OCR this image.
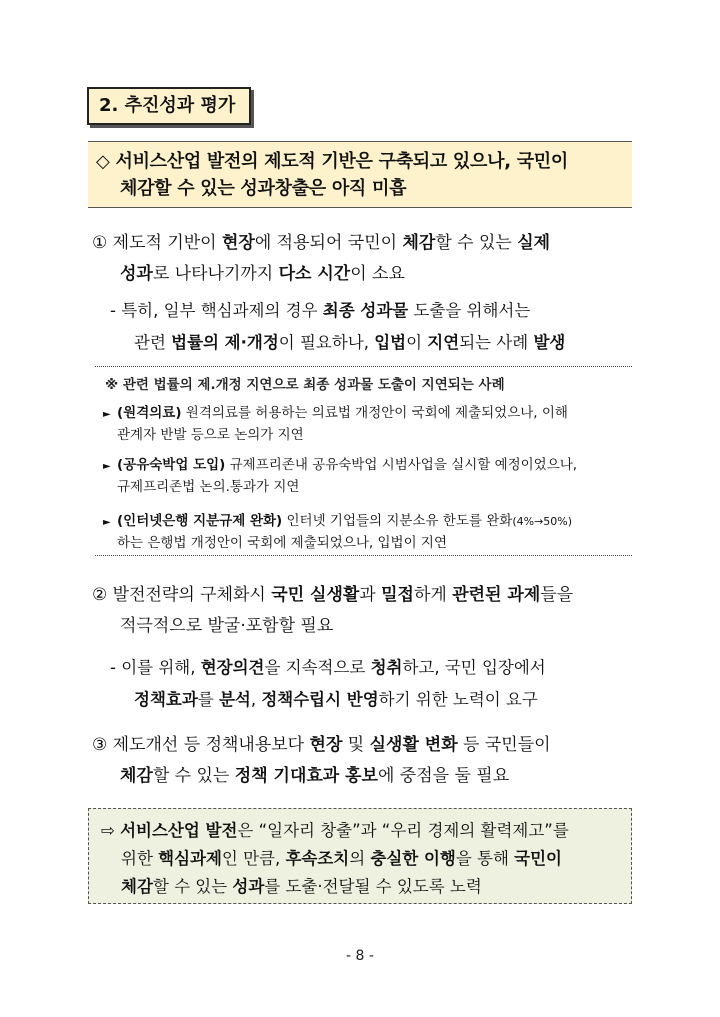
2. 추진성과 평가
◇ 서비스산업 발전의 제도적 기반은 구축되고 있으나, 국민이
체감할 수 있는 성과창출은 아직 미흡
① 제도적 기반이 현장에 적용되어 국민이 체감할 수 있는 실제
성과로 나타나기까지 다소 시간이 소요
- 특히, 일부 핵심과제의 경우 최종 성과물 도출을 위해서는
관련 법률의 제·개정이 필요하나, 입법이 지연되는 사례 발생
※ 관련 법률의 제.개정 지연으로 최종 성과물 도출이 지연되는 사례
► (원격의료) 원격의료를 허용하는 의료법 개정안이 국회에 제출되었으나, 이해
관계자 반발 등으로 논의가 지연
► (공유숙박업 도입) 규제프리존내 공유숙박업 시범사업을 실시할 예정이었으나,
규제프리존법 논의.통과가 지연
► (인터넷은행 지분규제 완화) 인터넷 기업들의 지분소유 한도를 완화(4%→50%)
하는 은행법 개정안이 국회에 제출되었으나, 입법이 지연
② 발전전략의 구체화시 국민 실생활과 밀접하게 관련된 과제들을
적극적으로 발굴·포함할 필요
- 이를 위해, 현장의견을 지속적으로 청취하고, 국민 입장에서
정책효과를 분석, 정책수립시 반영하기 위한 노력이 요구
③ 제도개선 등 정책내용보다 현장 및 실생활 변화 등 국민들이
체감할 수 있는 정책 기대효과 홍보에 중점을 둘 필요
⇨ 서비스산업 발전은 “일자리 창출”과 “우리 경제의 활력제고”를
위한 핵심과제인 만큼, 후속조치의 충실한 이행을 통해 국민이
체감할 수 있는 성과를 도출·전달될 수 있도록 노력
- 8 -
